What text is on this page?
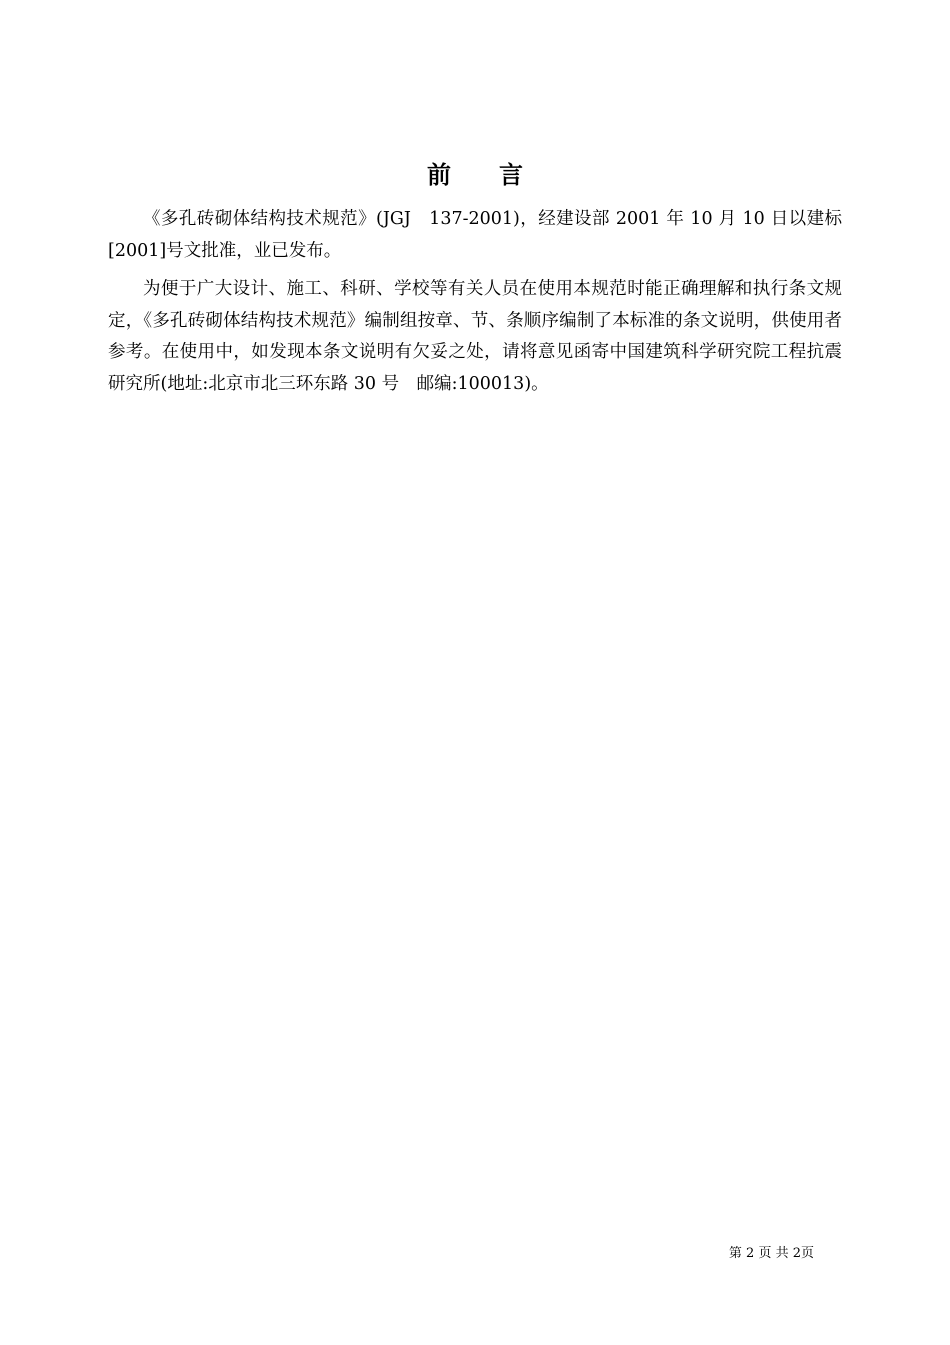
前　　言

《多孔砖砌体结构技术规范》(JGJ　137-2001)，经建设部 2001 年 10 月 10 日以建标[2001]号文批准，业已发布。

为便于广大设计、施工、科研、学校等有关人员在使用本规范时能正确理解和执行条文规定，《多孔砖砌体结构技术规范》编制组按章、节、条顺序编制了本标准的条文说明，供使用者参考。在使用中，如发现本条文说明有欠妥之处，请将意见函寄中国建筑科学研究院工程抗震研究所(地址:北京市北三环东路 30 号　邮编:100013)。

第 2 页 共 2页
